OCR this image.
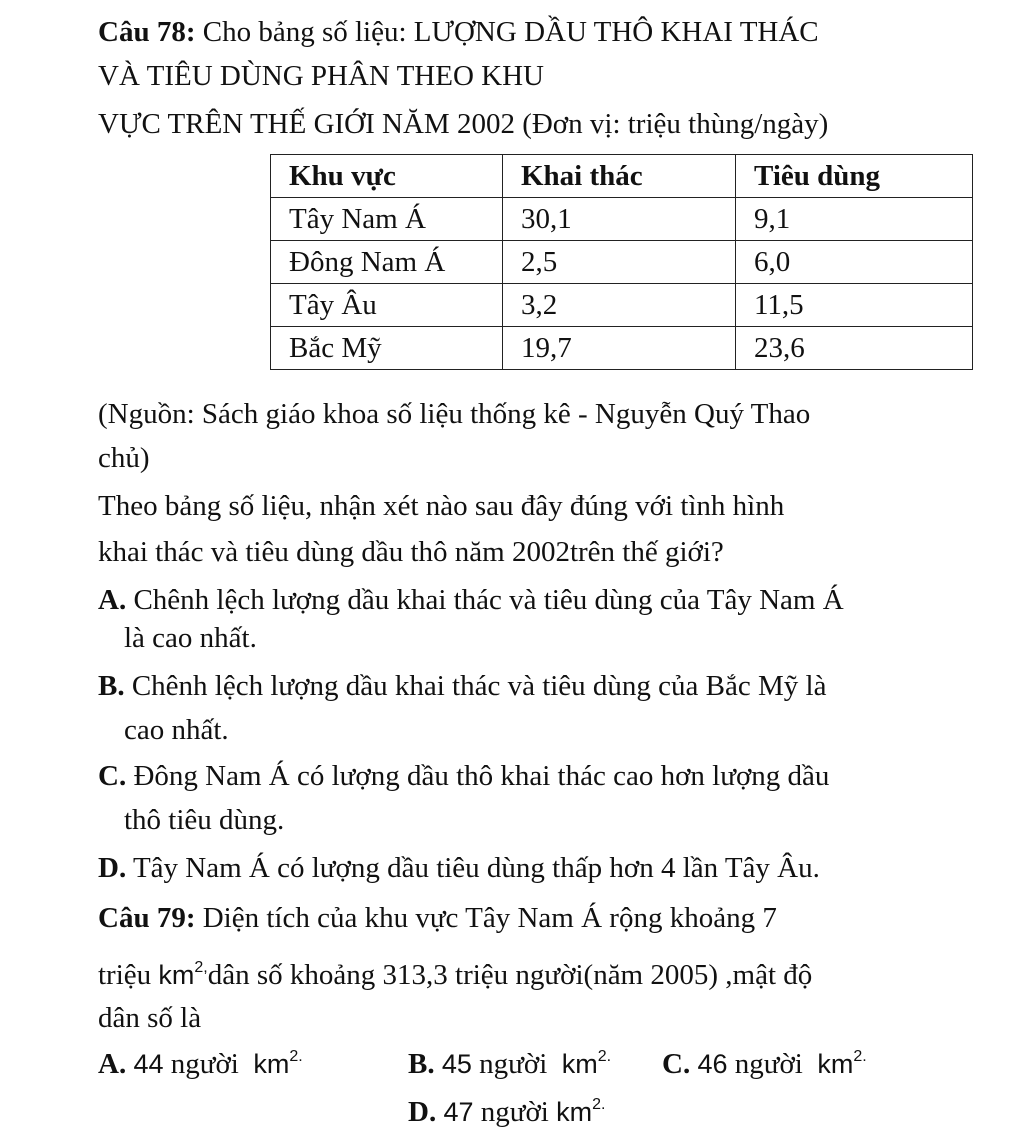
Câu 78: Cho bảng số liệu: LƯỢNG DẦU THÔ KHAI THÁC
VÀ TIÊU DÙNG PHÂN THEO KHU
VỰC TRÊN THẾ GIỚI NĂM 2002 (Đơn vị: triệu thùng/ngày)
Khu vực	Khai thác	Tiêu dùng
Tây Nam Á	30,1	9,1
Đông Nam Á	2,5	6,0
Tây Âu	3,2	11,5
Bắc Mỹ	19,7	23,6
(Nguồn: Sách giáo khoa số liệu thống kê - Nguyễn Quý Thao
chủ)
Theo bảng số liệu, nhận xét nào sau đây đúng với tình hình
khai thác và tiêu dùng dầu thô năm 2002trên thế giới?
A. Chênh lệch lượng dầu khai thác và tiêu dùng của Tây Nam Á
là cao nhất.
B. Chênh lệch lượng dầu khai thác và tiêu dùng của Bắc Mỹ là
cao nhất.
C. Đông Nam Á có lượng dầu thô khai thác cao hơn lượng dầu
thô tiêu dùng.
D. Tây Nam Á có lượng dầu tiêu dùng thấp hơn 4 lần Tây Âu.
Câu 79: Diện tích của khu vực Tây Nam Á rộng khoảng 7
triệu $km^{2,}dân$ số khoảng 313,3 triệu người(năm 2005) ,mật độ
dân số là
A. 44 người $km^{2.}$	B. 45 người $km^{2.}$ C. 46 người $km^{2.}$
D. 47 người $km^{2.}$
